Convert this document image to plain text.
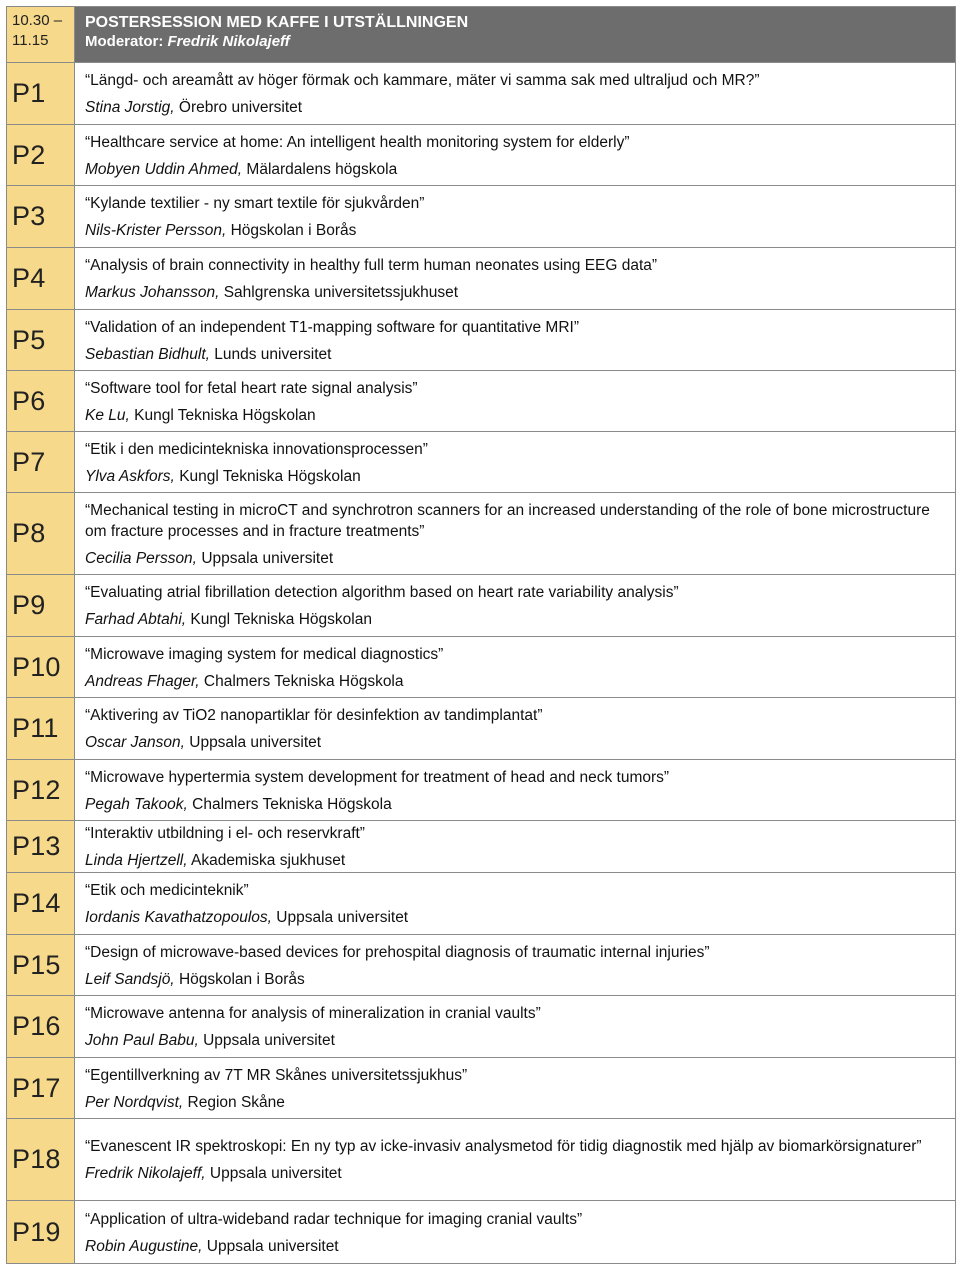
10.30 –
11.15
POSTERSESSION MED KAFFE I UTSTÄLLNINGEN
Moderator: Fredrik Nikolajeff
P1	“Längd- och areamått av höger förmak och kammare, mäter vi samma sak med ultraljud och MR?”
Stina Jorstig, Örebro universitet
P2	“Healthcare service at home: An intelligent health monitoring system for elderly”
Mobyen Uddin Ahmed, Mälardalens högskola
P3	“Kylande textilier - ny smart textile för sjukvården”
Nils-Krister Persson, Högskolan i Borås
P4	“Analysis of brain connectivity in healthy full term human neonates using EEG data”
Markus Johansson, Sahlgrenska universitetssjukhuset
P5	“Validation of an independent T1-mapping software for quantitative MRI”
Sebastian Bidhult, Lunds universitet
P6	“Software tool for fetal heart rate signal analysis”
Ke Lu, Kungl Tekniska Högskolan
P7	“Etik i den medicintekniska innovationsprocessen”
Ylva Askfors, Kungl Tekniska Högskolan
P8
“Mechanical testing in microCT and synchrotron scanners for an increased understanding of the role of bone microstructure om fracture processes and in fracture treatments”
Cecilia Persson, Uppsala universitet
P9	“Evaluating atrial fibrillation detection algorithm based on heart rate variability analysis”
Farhad Abtahi, Kungl Tekniska Högskolan
P10 “Microwave imaging system for medical diagnostics”
Andreas Fhager, Chalmers Tekniska Högskola
P11 “Aktivering av TiO2 nanopartiklar för desinfektion av tandimplantat”
Oscar Janson, Uppsala universitet
P12 “Microwave hypertermia system development for treatment of head and neck tumors”
Pegah Takook, Chalmers Tekniska Högskola
P13 “Interaktiv utbildning i el- och reservkraft”
Linda Hjertzell, Akademiska sjukhuset
P14 “Etik och medicinteknik”
Iordanis Kavathatzopoulos, Uppsala universitet
P15 “Design of microwave-based devices for prehospital diagnosis of traumatic internal injuries”
Leif Sandsjö, Högskolan i Borås
P16 “Microwave antenna for analysis of mineralization in cranial vaults”
John Paul Babu, Uppsala universitet
P17 “Egentillverkning av 7T MR Skånes universitetssjukhus”
Per Nordqvist, Region Skåne
P18 “Evanescent IR spektroskopi: En ny typ av icke-invasiv analysmetod för tidig diagnostik med hjälp av biomarkörsignaturer”
Fredrik Nikolajeff, Uppsala universitet
P19 “Application of ultra-wideband radar technique for imaging cranial vaults”
Robin Augustine, Uppsala universitet
